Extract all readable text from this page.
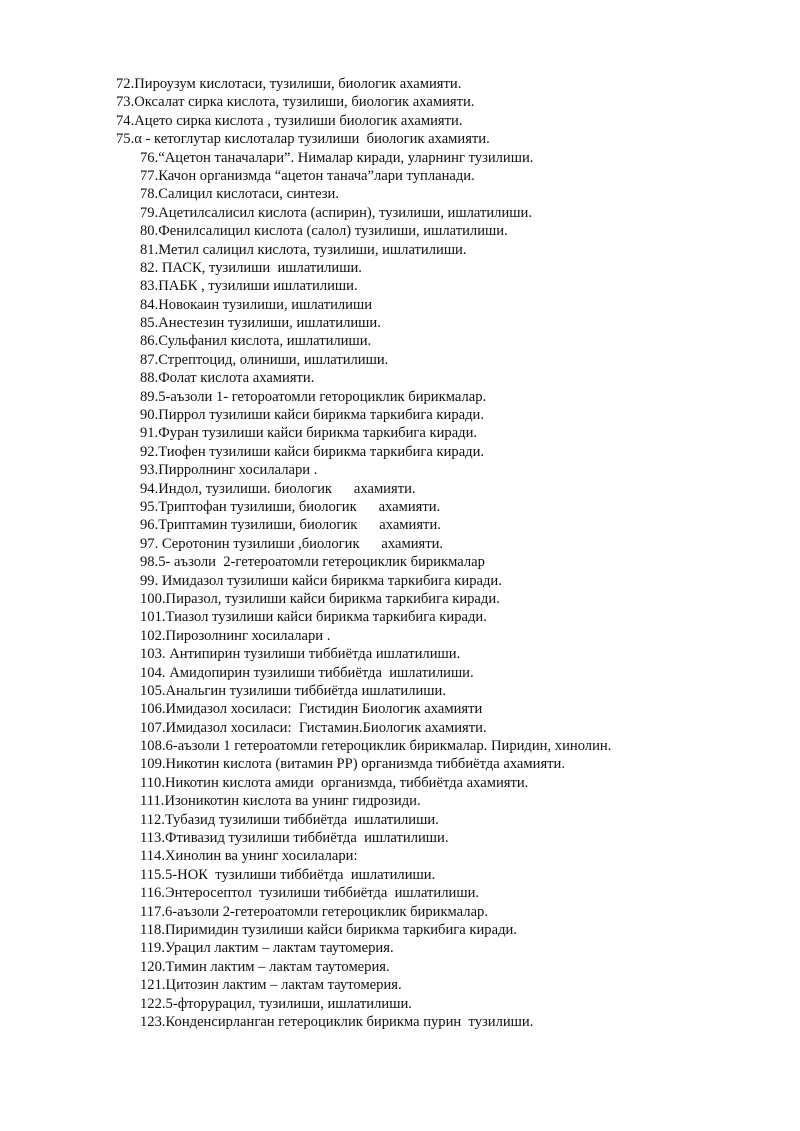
72.Пироузум кислотаси, тузилиши, биологик ахамияти.
73.Оксалат сирка кислота, тузилиши, биологик ахамияти.
74.Ацето сирка кислота , тузилиши биологик ахамияти.
75.α - кетоглутар кислоталар тузилиши  биологик ахамияти.
76.“Ацетон таначалари”. Нималар киради, уларнинг тузилиши.
77.Качон организмда “ацетон танача”лари тупланади.
78.Салицил кислотаси, синтези.
79.Ацетилсалисил кислота (аспирин), тузилиши, ишлатилиши.
80.Фенилсалицил кислота (салол) тузилиши, ишлатилиши.
81.Метил салицил кислота, тузилиши, ишлатилиши.
82. ПАСК, тузилиши  ишлатилиши.
83.ПАБК , тузилиши ишлатилиши.
84.Новокаин тузилиши, ишлатилиши
85.Анестезин тузилиши, ишлатилиши.
86.Сульфанил кислота, ишлатилиши.
87.Стрептоцид, олиниши, ишлатилиши.
88.Фолат кислота ахамияти.
89.5-аъзоли 1- гетороатомли гетороциклик бирикмалар.
90.Пиррол тузилиши кайси бирикма таркибига киради.
91.Фуран тузилиши кайси бирикма таркибига киради.
92.Тиофен тузилиши кайси бирикма таркибига киради.
93.Пирролнинг хосилалари .
94.Индол, тузилиши. биологик      ахамияти.
95.Триптофан тузилиши, биологик      ахамияти.
96.Триптамин тузилиши, биологик      ахамияти.
97. Серотонин тузилиши ,биологик      ахамияти.
98.5- аъзоли  2-гетероатомли гетероциклик бирикмалар
99. Имидазол тузилиши кайси бирикма таркибига киради.
100.Пиразол, тузилиши кайси бирикма таркибига киради.
101.Тиазол тузилиши кайси бирикма таркибига киради.
102.Пирозолнинг хосилалари .
103. Антипирин тузилиши тиббиётда ишлатилиши.
104. Амидопирин тузилиши тиббиётда  ишлатилиши.
105.Анальгин тузилиши тиббиётда ишлатилиши.
106.Имидазол хосиласи:  Гистидин Биологик ахамияти
107.Имидазол хосиласи:  Гистамин.Биологик ахамияти.
108.6-аъзоли 1 гетероатомли гетероциклик бирикмалар. Пиридин, хинолин.
109.Никотин кислота (витамин РР) организмда тиббиётда ахамияти.
110.Никотин кислота амиди  организмда, тиббиётда ахамияти.
111.Изоникотин кислота ва унинг гидрозиди.
112.Тубазид тузилиши тиббиётда  ишлатилиши.
113.Фтивазид тузилиши тиббиётда  ишлатилиши.
114.Хинолин ва унинг хосилалари:
115.5-НОК  тузилиши тиббиётда  ишлатилиши.
116.Энтеросептол  тузилиши тиббиётда  ишлатилиши.
117.6-аъзоли 2-гетероатомли гетероциклик бирикмалар.
118.Пиримидин тузилиши кайси бирикма таркибига киради.
119.Урацил лактим – лактам таутомерия.
120.Тимин лактим – лактам таутомерия.
121.Цитозин лактим – лактам таутомерия.
122.5-фторурацил, тузилиши, ишлатилиши.
123.Конденсирланган гетероциклик бирикма пурин  тузилиши.
